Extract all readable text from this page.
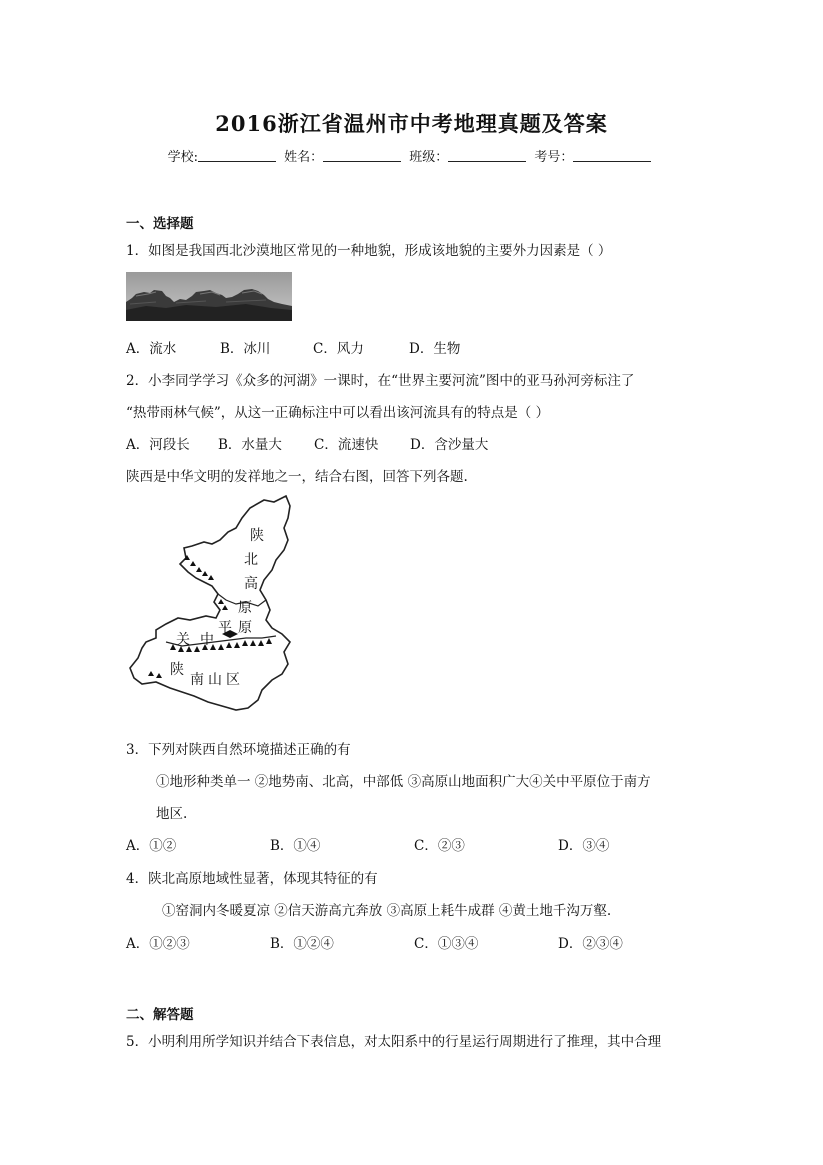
2016浙江省温州市中考地理真题及答案
学校:	姓名：	班级：	考号：
一、选择题
1．如图是我国西北沙漠地区常见的一种地貌，形成该地貌的主要外力因素是（ ）
A．流水	B．冰川	C．风力	D．生物
2．小李同学学习《众多的河湖》一课时，在“世界主要河流”图中的亚马孙河旁标注了
“热带雨林气候”，从这一正确标注中可以看出该河流具有的特点是（ ）
A．河段长 B．水量大 C．流速快 D．含沙量大
陕西是中华文明的发祥地之一，结合右图，回答下列各题.
陕
北
高
原
关 中
平 原
陕
南 山 区
3．下列对陕西自然环境描述正确的有
①地形种类单一 ②地势南、北高，中部低 ③高原山地面积广大④关中平原位于南方
地区.
A．①②	B．①④	C．②③	D．③④
4．陕北高原地域性显著，体现其特征的有
①窑洞内冬暖夏凉 ②信天游高亢奔放 ③高原上耗牛成群 ④黄土地千沟万壑.
A．①②③	B．①②④	C．①③④	D．②③④
二、解答题
5．小明利用所学知识并结合下表信息，对太阳系中的行星运行周期进行了推理，其中合理
